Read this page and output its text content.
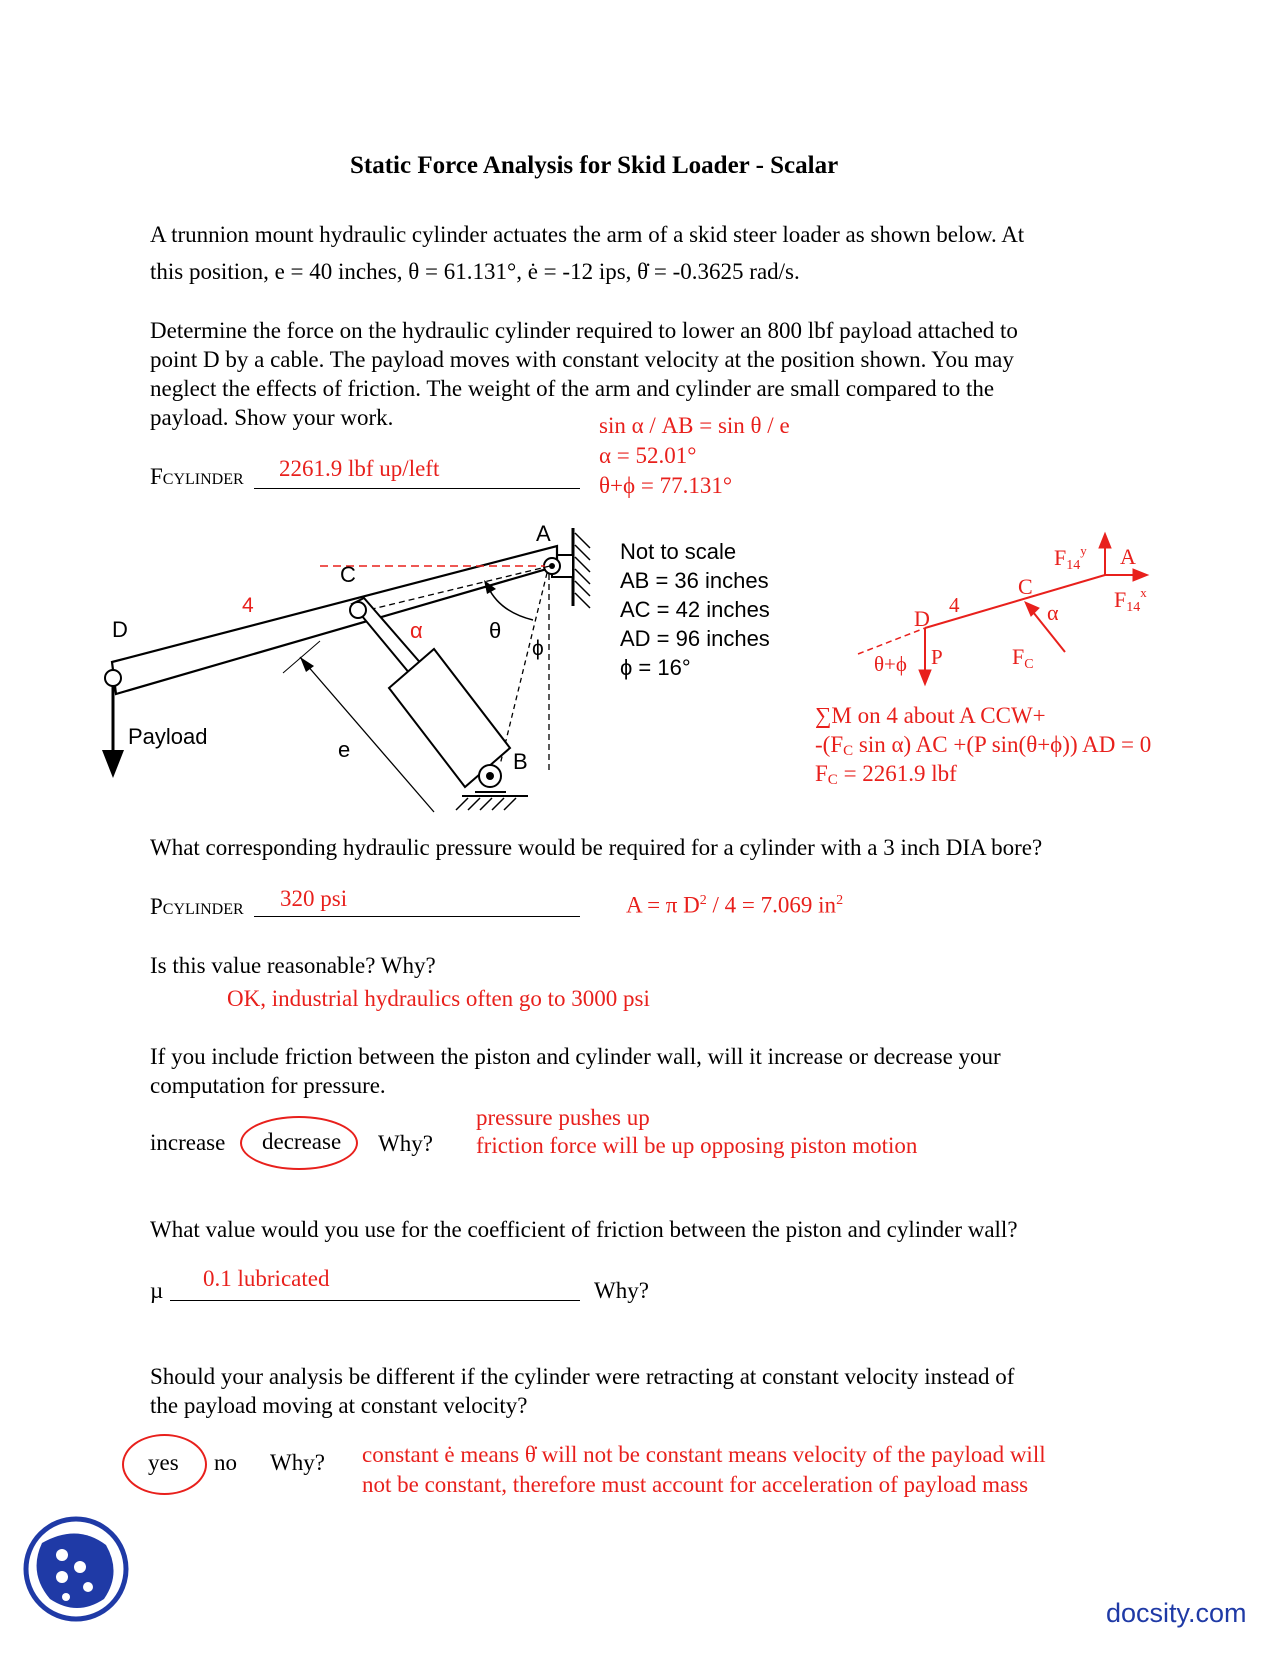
Static Force Analysis for Skid Loader - Scalar
A trunnion mount hydraulic cylinder actuates the arm of a skid steer loader as shown below. At
this position, e = 40 inches, θ = 61.131°, ė = -12 ips, θ̇ = -0.3625 rad/s.
Determine the force on the hydraulic cylinder required to lower an 800 lbf payload attached to
point D by a cable. The payload moves with constant velocity at the position shown. You may
neglect the effects of friction. The weight of the arm and cylinder are small compared to the
payload. Show your work.
FCYLINDER 2261.9 lbf up/left
sin α / AB = sin θ / e
α = 52.01°
θ+ϕ = 77.131°
A
C
D
4
α	θ
ϕ
e	B
Payload
Not to scale
AB = 36 inches
AC = 42 inches
AD = 96 inches
ϕ = 16°
F14$^y$ A
C
F14$^x$
D
4	α
θ+ϕ P	FC
∑M on 4 about A CCW+
$-(F_C$ sin α) AC +(P sin(θ+ϕ)) AD = 0
$F_C = 2261.9$ lbf
What corresponding hydraulic pressure would be required for a cylinder with a 3 inch DIA bore?
PCYLINDER 320 psi	A = π $D^2 / 4 = 7.069$ $in^2$
Is this value reasonable? Why?
OK, industrial hydraulics often go to 3000 psi
If you include friction between the piston and cylinder wall, will it increase or decrease your
computation for pressure.
increase decrease Why?
pressure pushes up
friction force will be up opposing piston motion
What value would you use for the coefficient of friction between the piston and cylinder wall?
µ 0.1 lubricated	Why?
Should your analysis be different if the cylinder were retracting at constant velocity instead of
the payload moving at constant velocity?
yes no Why? constant ė means θ̇ will not be constant means velocity of the payload will
not be constant, therefore must account for acceleration of payload mass
docsity.com
